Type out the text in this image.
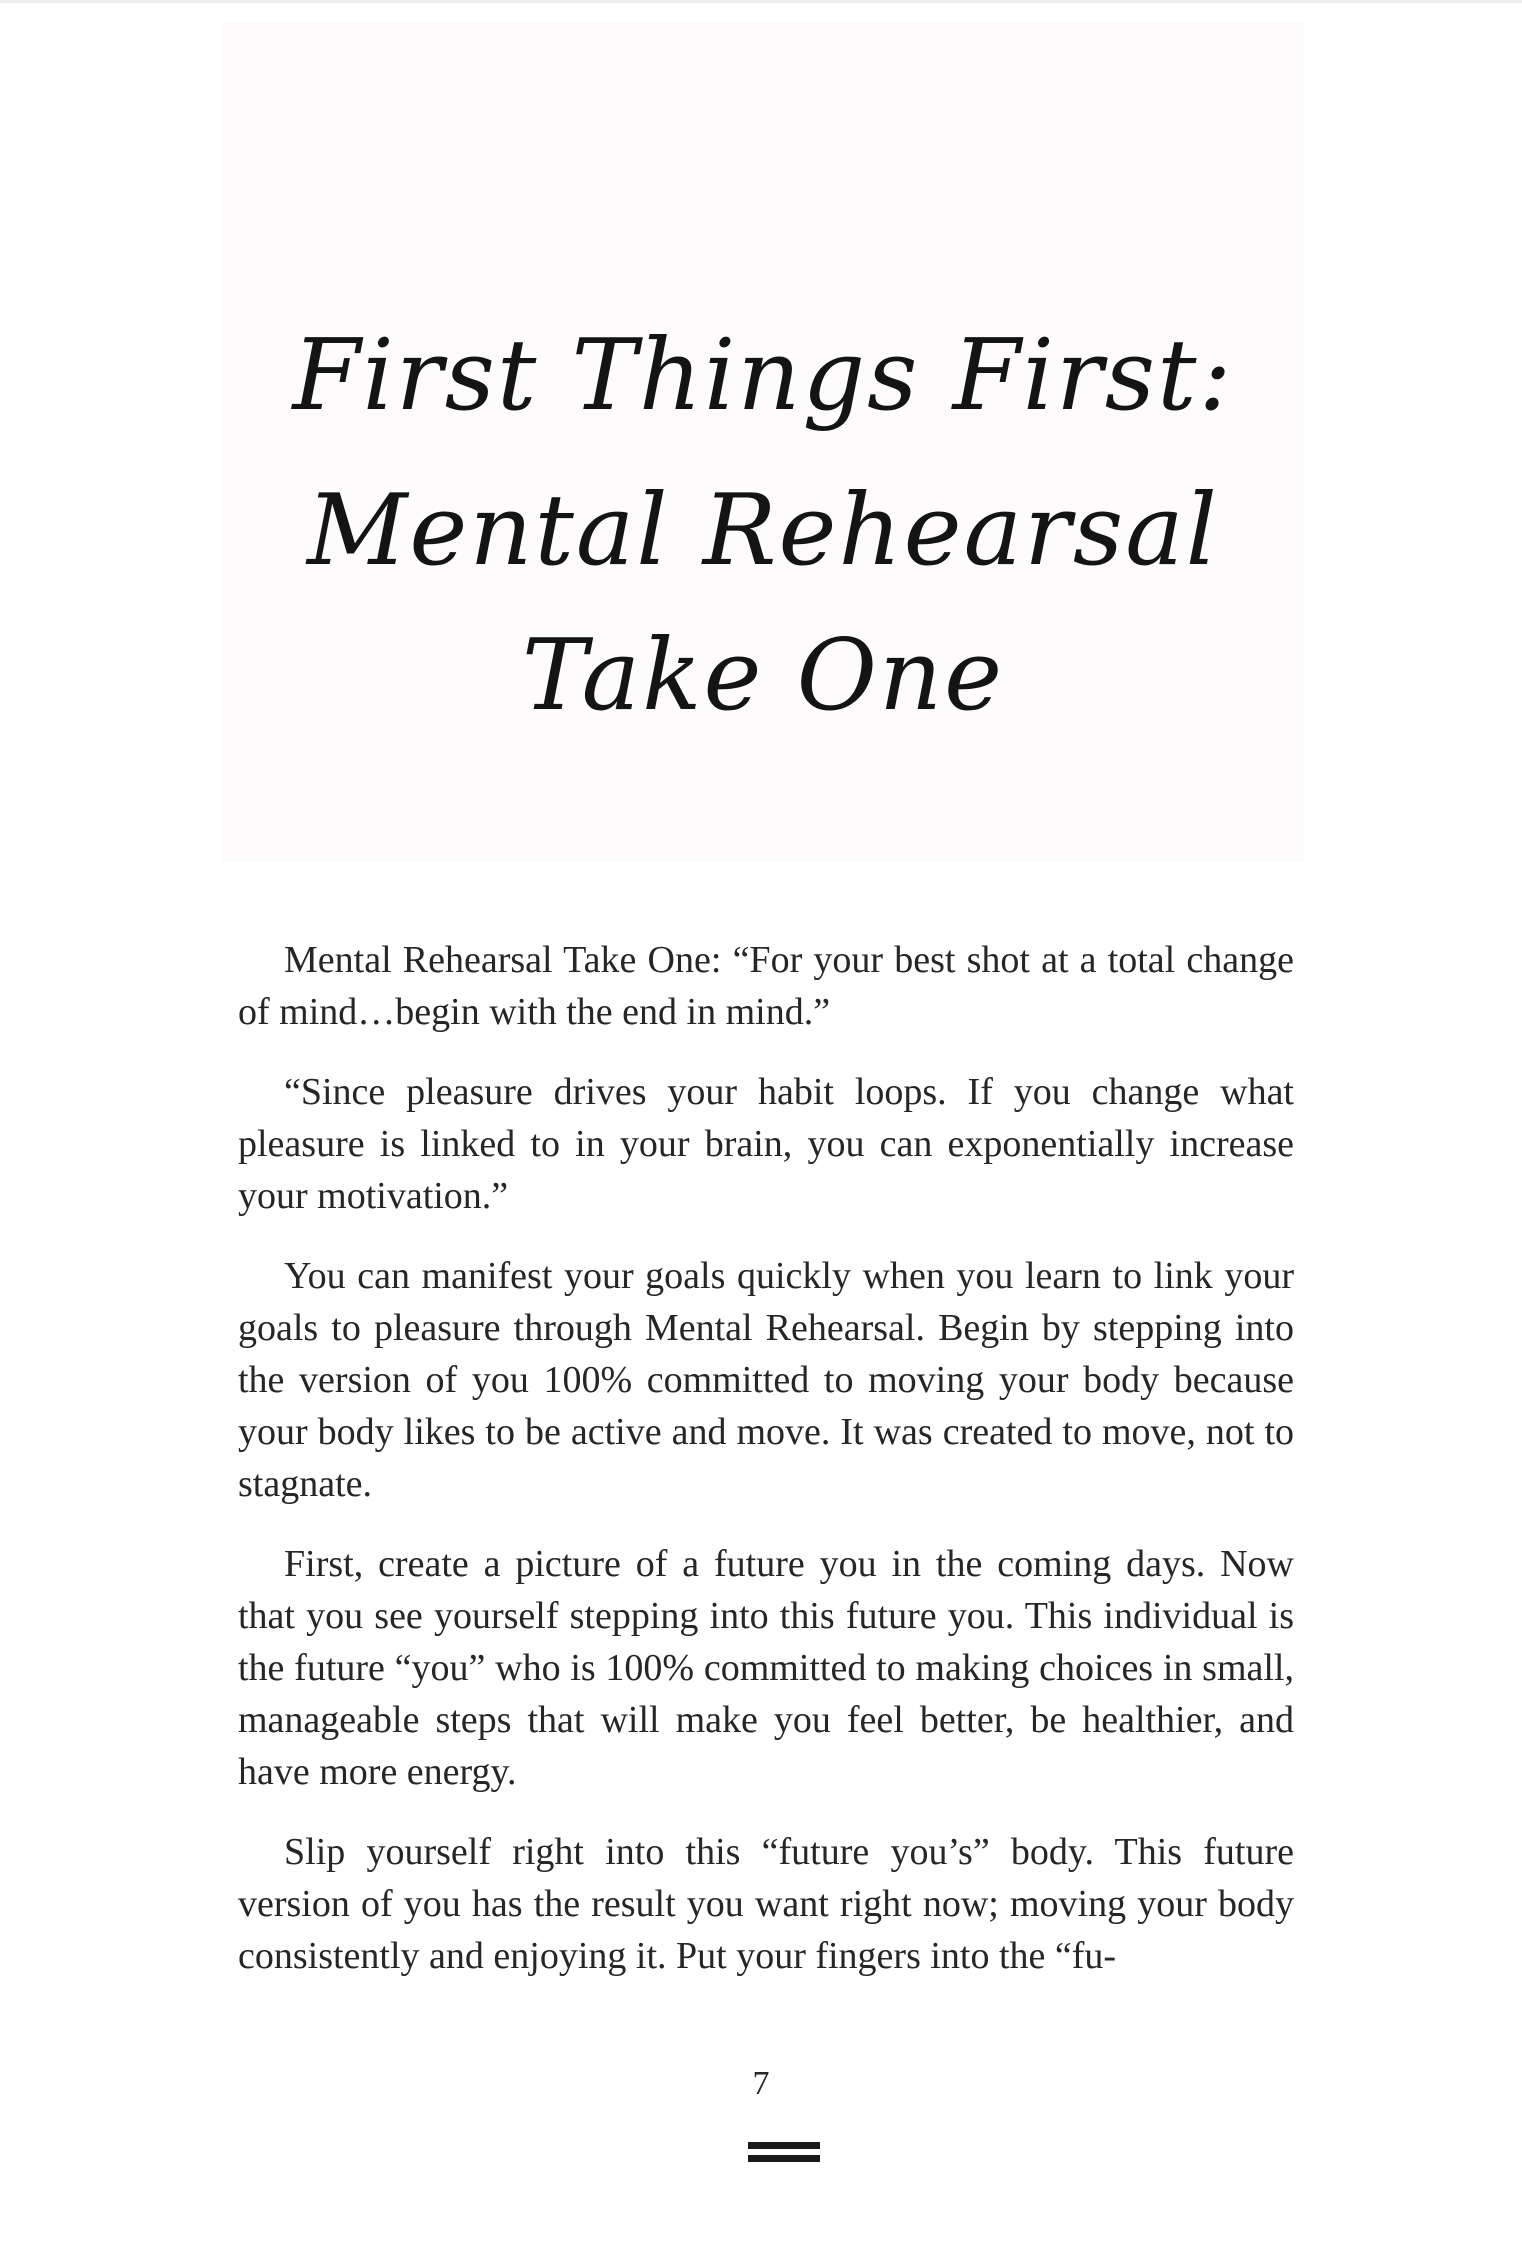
First Things First:
Mental Rehearsal
Take One

Mental Rehearsal Take One: “For your best shot at a total change of mind…begin with the end in mind.”

“Since pleasure drives your habit loops. If you change what pleasure is linked to in your brain, you can exponentially increase your motivation.”

You can manifest your goals quickly when you learn to link your goals to pleasure through Mental Rehearsal. Begin by stepping into the version of you 100% committed to moving your body because your body likes to be active and move. It was created to move, not to stagnate.

First, create a picture of a future you in the coming days. Now that you see yourself stepping into this future you. This individual is the future “you” who is 100% committed to making choices in small, manageable steps that will make you feel better, be healthier, and have more energy.

Slip yourself right into this “future you’s” body. This future version of you has the result you want right now; moving your body consistently and enjoying it. Put your fingers into the “fu-

7
